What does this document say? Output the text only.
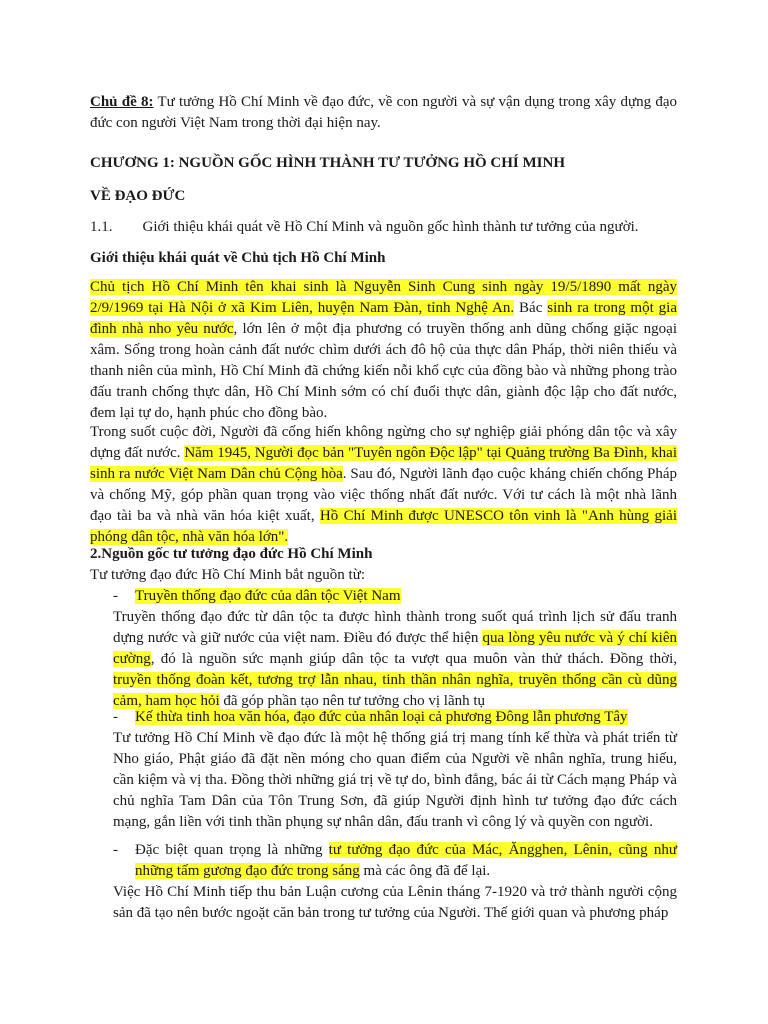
Chủ đề 8: Tư tưởng Hồ Chí Minh về đạo đức, về con người và sự vận dụng trong xây dựng đạo đức con người Việt Nam trong thời đại hiện nay.

CHƯƠNG 1: NGUỒN GỐC HÌNH THÀNH TƯ TƯỞNG HỒ CHÍ MINH

VỀ ĐẠO ĐỨC

1.1. Giới thiệu khái quát về Hồ Chí Minh và nguồn gốc hình thành tư tưởng của người.

Giới thiệu khái quát về Chủ tịch Hồ Chí Minh

Chủ tịch Hồ Chí Minh tên khai sinh là Nguyễn Sinh Cung sinh ngày 19/5/1890 mất ngày 2/9/1969 tại Hà Nội ở xã Kim Liên, huyện Nam Đàn, tỉnh Nghệ An. Bác sinh ra trong một gia đình nhà nho yêu nước, lớn lên ở một địa phương có truyền thống anh dũng chống giặc ngoại xâm. Sống trong hoàn cảnh đất nước chìm dưới ách đô hộ của thực dân Pháp, thời niên thiếu và thanh niên của mình, Hồ Chí Minh đã chứng kiến nỗi khổ cực của đồng bào và những phong trào đấu tranh chống thực dân, Hồ Chí Minh sớm có chí đuổi thực dân, giành độc lập cho đất nước, đem lại tự do, hạnh phúc cho đồng bào.

Trong suốt cuộc đời, Người đã cống hiến không ngừng cho sự nghiệp giải phóng dân tộc và xây dựng đất nước. Năm 1945, Người đọc bản "Tuyên ngôn Độc lập" tại Quảng trường Ba Đình, khai sinh ra nước Việt Nam Dân chủ Cộng hòa. Sau đó, Người lãnh đạo cuộc kháng chiến chống Pháp và chống Mỹ, góp phần quan trọng vào việc thống nhất đất nước. Với tư cách là một nhà lãnh đạo tài ba và nhà văn hóa kiệt xuất, Hồ Chí Minh được UNESCO tôn vinh là "Anh hùng giải phóng dân tộc, nhà văn hóa lớn".

2.Nguồn gốc tư tưởng đạo đức Hồ Chí Minh

Tư tưởng đạo đức Hồ Chí Minh bắt nguồn từ:

-	Truyền thống đạo đức của dân tộc Việt Nam

Truyền thống đạo đức từ dân tộc ta được hình thành trong suốt quá trình lịch sử đấu tranh dựng nước và giữ nước của việt nam. Điều đó được thể hiện qua lòng yêu nước và ý chí kiên cường, đó là nguồn sức mạnh giúp dân tộc ta vượt qua muôn vàn thử thách. Đồng thời, truyền thống đoàn kết, tương trợ lẫn nhau, tinh thần nhân nghĩa, truyền thống cần cù dũng cảm, ham học hỏi đã góp phần tạo nên tư tưởng cho vị lãnh tụ

-	Kế thừa tinh hoa văn hóa, đạo đức của nhân loại cả phương Đông lẫn phương Tây

Tư tưởng Hồ Chí Minh về đạo đức là một hệ thống giá trị mang tính kế thừa và phát triển từ Nho giáo, Phật giáo đã đặt nền móng cho quan điểm của Người về nhân nghĩa, trung hiếu, cần kiệm và vị tha. Đồng thời những giá trị về tự do, bình đẳng, bác ái từ Cách mạng Pháp và chủ nghĩa Tam Dân của Tôn Trung Sơn, đã giúp Người định hình tư tưởng đạo đức cách mạng, gắn liền với tinh thần phụng sự nhân dân, đấu tranh vì công lý và quyền con người.

-	Đặc biệt quan trọng là những tư tưởng đạo đức của Mác, Ăngghen, Lênin, cũng như những tấm gương đạo đức trong sáng mà các ông đã để lại.

Việc Hồ Chí Minh tiếp thu bản Luận cương của Lênin tháng 7-1920 và trở thành người cộng sản đã tạo nên bước ngoặt căn bản trong tư tưởng của Người. Thế giới quan và phương pháp
